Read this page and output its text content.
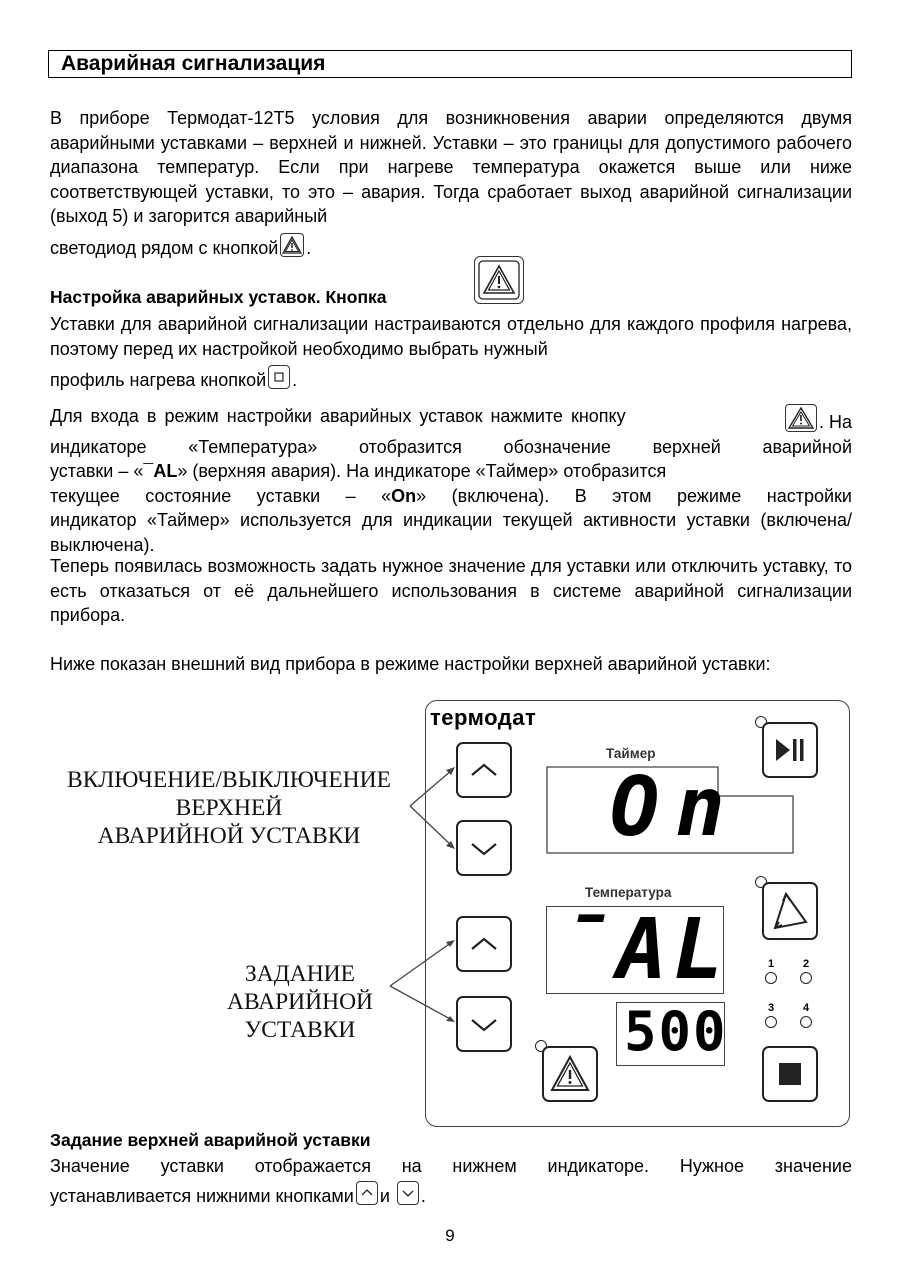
Аварийная сигнализация

В приборе Термодат-12Т5 условия для возникновения аварии определяются двумя аварийными уставками – верхней и нижней. Уставки – это границы для допустимого рабочего диапазона температур. Если при нагреве температура окажется выше или ниже соответствующей уставки, то это – авария. Тогда сработает выход аварийной сигнализации (выход 5) и загорится аварийный

светодиод рядом с кнопкой .

Настройка аварийных уставок. Кнопка

Уставки для аварийной сигнализации настраиваются отдельно для каждого профиля нагрева, поэтому перед их настройкой необходимо выбрать нужный

профиль нагрева кнопкой .

Для входа в режим настройки аварийных уставок нажмите кнопку	. На
индикаторе «Температура» отобразится обозначение верхней аварийной
уставки – «¯AL» (верхняя авария). На индикаторе «Таймер» отобразится
текущее состояние уставки – «On» (включена). В этом режиме настройки
индикатор «Таймер» используется для индикации текущей активности уставки (включена/ выключена).

Теперь появилась возможность задать нужное значение для уставки или отключить уставку, то есть отказаться от её дальнейшего использования в системе аварийной сигнализации прибора.

Ниже показан внешний вид прибора в режиме настройки верхней аварийной уставки:

ВКЛЮЧЕНИЕ/ВЫКЛЮЧЕНИЕ
ВЕРХНЕЙ
АВАРИЙНОЙ УСТАВКИ
ЗАДАНИЕ
АВАРИЙНОЙ
УСТАВКИ
термодат
Таймер
On
Температура
¯AL
500
1	2
3	4

Задание верхней аварийной уставки

Значение уставки отображается на нижнем индикаторе. Нужное значение

устанавливается нижними кнопками и .

9
